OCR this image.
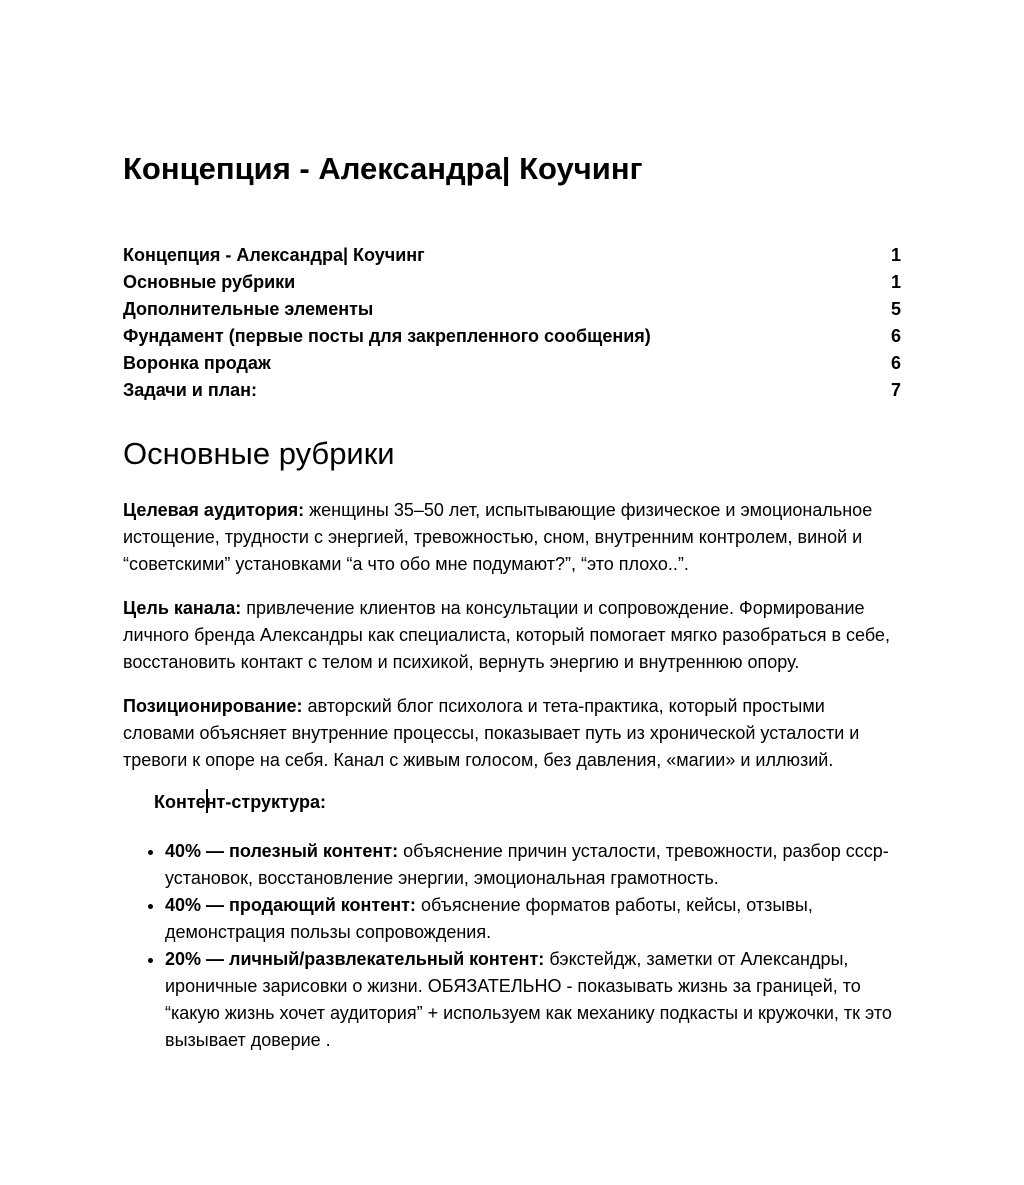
Концепция - Александра| Коучинг
Концепция - Александра| Коучинг	1
Основные рубрики	1
Дополнительные элементы	5
Фундамент (первые посты для закрепленного сообщения)	6
Воронка продаж	6
Задачи и план:	7
Основные рубрики

Целевая аудитория: женщины 35–50 лет, испытывающие физическое и эмоциональное истощение, трудности с энергией, тревожностью, сном, внутренним контролем, виной и “советскими” установками “а что обо мне подумают?”, “это плохо..”.

Цель канала: привлечение клиентов на консультации и сопровождение. Формирование личного бренда Александры как специалиста, который помогает мягко разобраться в себе, восстановить контакт с телом и психикой, вернуть энергию и внутреннюю опору.

Позиционирование: авторский блог психолога и тета-практика, который простыми словами объясняет внутренние процессы, показывает путь из хронической усталости и тревоги к опоре на себя. Канал с живым голосом, без давления, «магии» и иллюзий.

Контент-структура:

• 40% — полезный контент: объяснение причин усталости, тревожности, разбор ссср-установок, восстановление энергии, эмоциональная грамотность.
• 40% — продающий контент: объяснение форматов работы, кейсы, отзывы, демонстрация пользы сопровождения.
• 20% — личный/развлекательный контент: бэкстейдж, заметки от Александры, ироничные зарисовки о жизни. ОБЯЗАТЕЛЬНО - показывать жизнь за границей, то “какую жизнь хочет аудитория” + используем как механику подкасты и кружочки, тк это вызывает доверие .
